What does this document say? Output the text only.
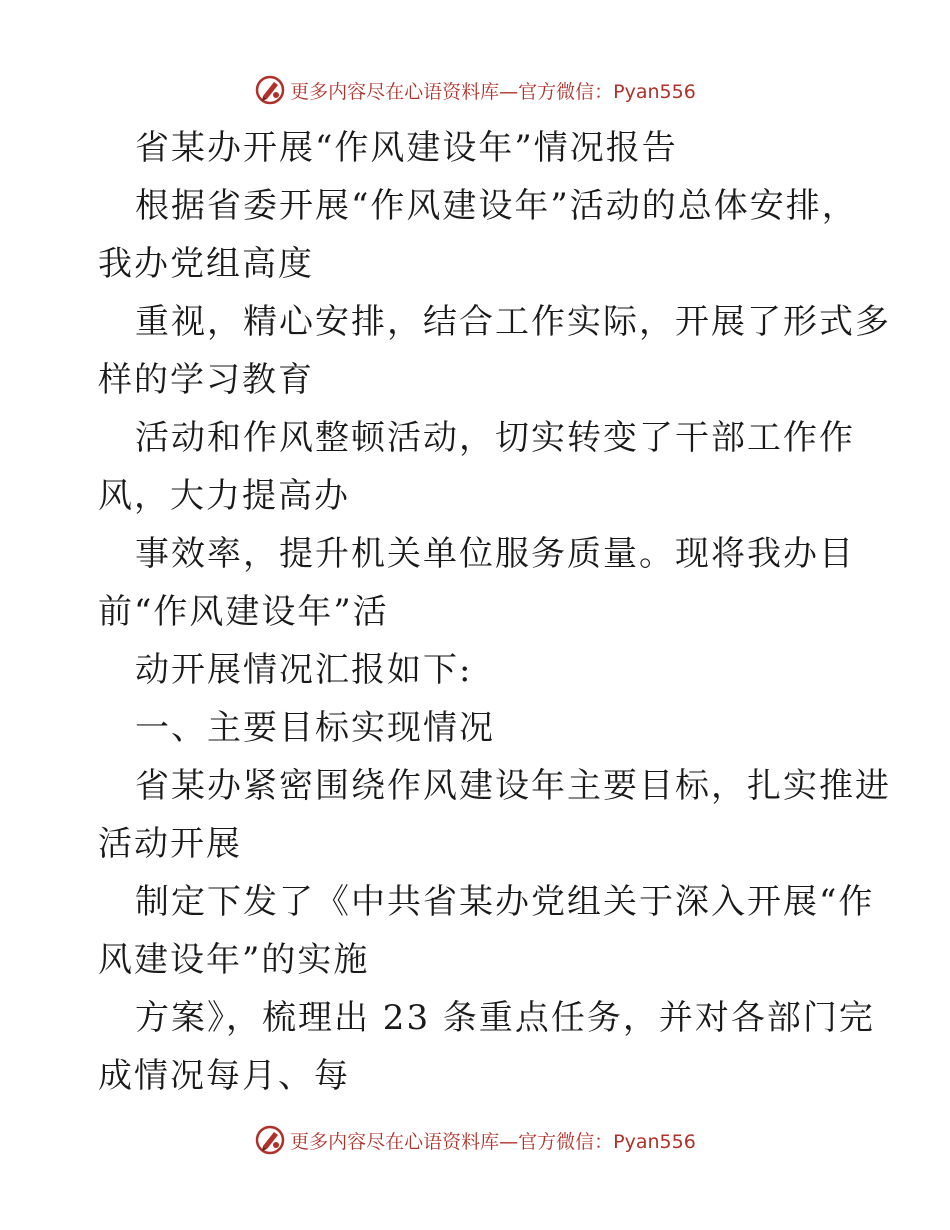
更多内容尽在心语资料库—官方微信：Pyan556
省某办开展“作风建设年”情况报告
根据省委开展“作风建设年”活动的总体安排，
我办党组高度
重视，精心安排，结合工作实际，开展了形式多
样的学习教育
活动和作风整顿活动，切实转变了干部工作作
风，大力提高办
事效率，提升机关单位服务质量。现将我办目
前“作风建设年”活
动开展情况汇报如下:
一、主要目标实现情况
省某办紧密围绕作风建设年主要目标，扎实推进
活动开展
制定下发了《中共省某办党组关于深入开展“作
风建设年”的实施
方案》，梳理出 23 条重点任务，并对各部门完
成情况每月、每
更多内容尽在心语资料库—官方微信：Pyan556
